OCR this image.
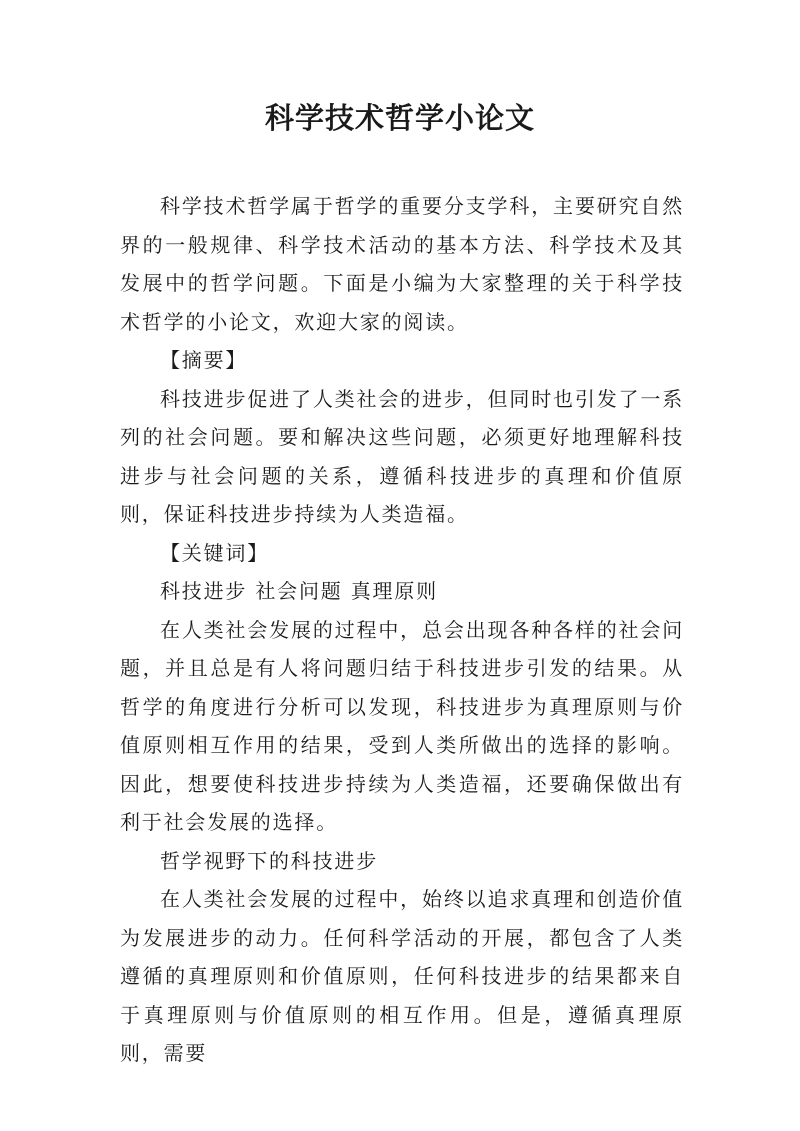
科学技术哲学小论文

科学技术哲学属于哲学的重要分支学科，主要研究自然界的一般规律、科学技术活动的基本方法、科学技术及其发展中的哲学问题。下面是小编为大家整理的关于科学技术哲学的小论文，欢迎大家的阅读。

【摘要】

科技进步促进了人类社会的进步，但同时也引发了一系列的社会问题。要和解决这些问题，必须更好地理解科技进步与社会问题的关系，遵循科技进步的真理和价值原则，保证科技进步持续为人类造福。

【关键词】

科技进步 社会问题 真理原则

在人类社会发展的过程中，总会出现各种各样的社会问题，并且总是有人将问题归结于科技进步引发的结果。从哲学的角度进行分析可以发现，科技进步为真理原则与价值原则相互作用的结果，受到人类所做出的选择的影响。因此，想要使科技进步持续为人类造福，还要确保做出有利于社会发展的选择。

哲学视野下的科技进步

在人类社会发展的过程中，始终以追求真理和创造价值为发展进步的动力。任何科学活动的开展，都包含了人类遵循的真理原则和价值原则，任何科技进步的结果都来自于真理原则与价值原则的相互作用。但是，遵循真理原则，需要
